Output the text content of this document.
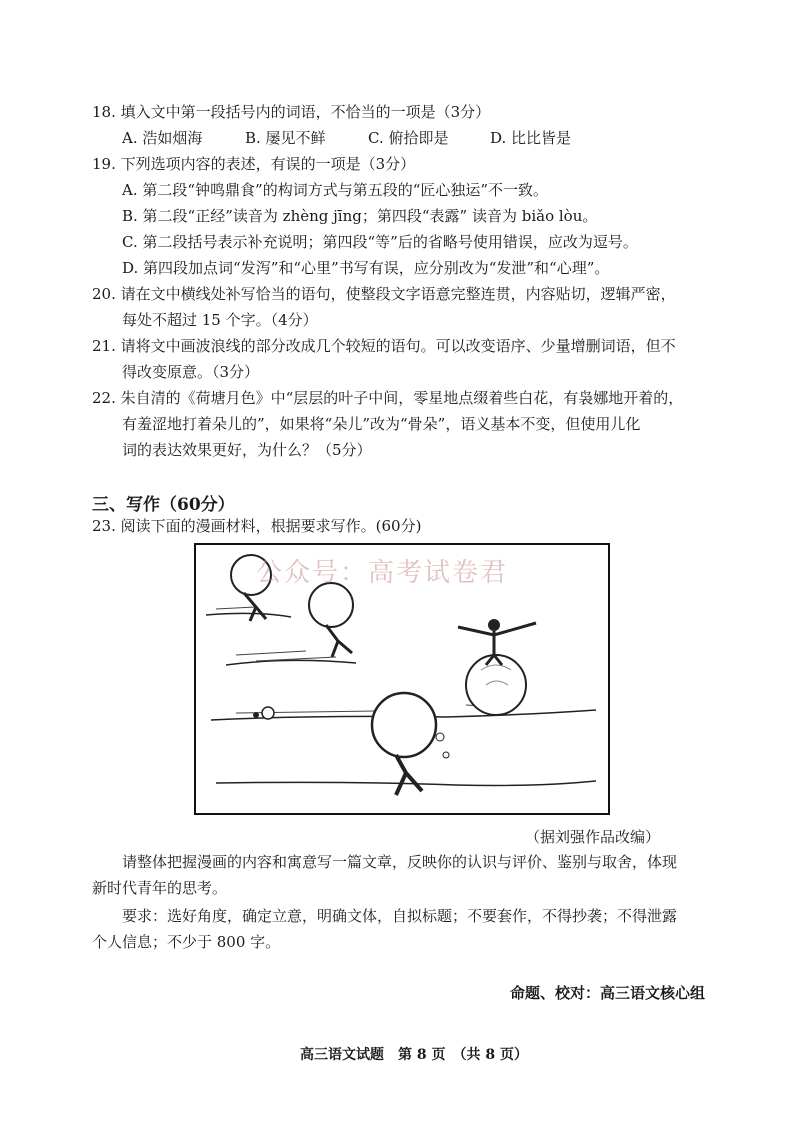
18. 填入文中第一段括号内的词语，不恰当的一项是（3分）
A. 浩如烟海	B. 屡见不鲜	C. 俯拾即是	D. 比比皆是
19. 下列选项内容的表述，有误的一项是（3分）
A. 第二段“钟鸣鼎食”的构词方式与第五段的“匠心独运”不一致。
B. 第二段“正经”读音为 zhèng jīng；第四段“表露” 读音为 biǎo lòu。
C. 第二段括号表示补充说明；第四段“等”后的省略号使用错误，应改为逗号。
D. 第四段加点词“发泻”和“心里”书写有误，应分别改为“发泄”和“心理”。
20. 请在文中横线处补写恰当的语句，使整段文字语意完整连贯，内容贴切，逻辑严密，
每处不超过 15 个字。（4分）
21. 请将文中画波浪线的部分改成几个较短的语句。可以改变语序、少量增删词语，但不
得改变原意。（3分）
22. 朱自清的《荷塘月色》中“层层的叶子中间，零星地点缀着些白花，有袅娜地开着的，
有羞涩地打着朵儿的”，如果将“朵儿”改为“骨朵”，语义基本不变，但使用儿化
词的表达效果更好，为什么？（5分）
三、写作（60分）
23. 阅读下面的漫画材料，根据要求写作。(60分)
公众号：高考试卷君
（据刘强作品改编）
请整体把握漫画的内容和寓意写一篇文章，反映你的认识与评价、鉴别与取舍，体现
新时代青年的思考。
要求：选好角度，确定立意，明确文体，自拟标题；不要套作，不得抄袭；不得泄露
个人信息；不少于 800 字。
命题、校对：高三语文核心组
高三语文试题　第 8 页　（共 8 页）
